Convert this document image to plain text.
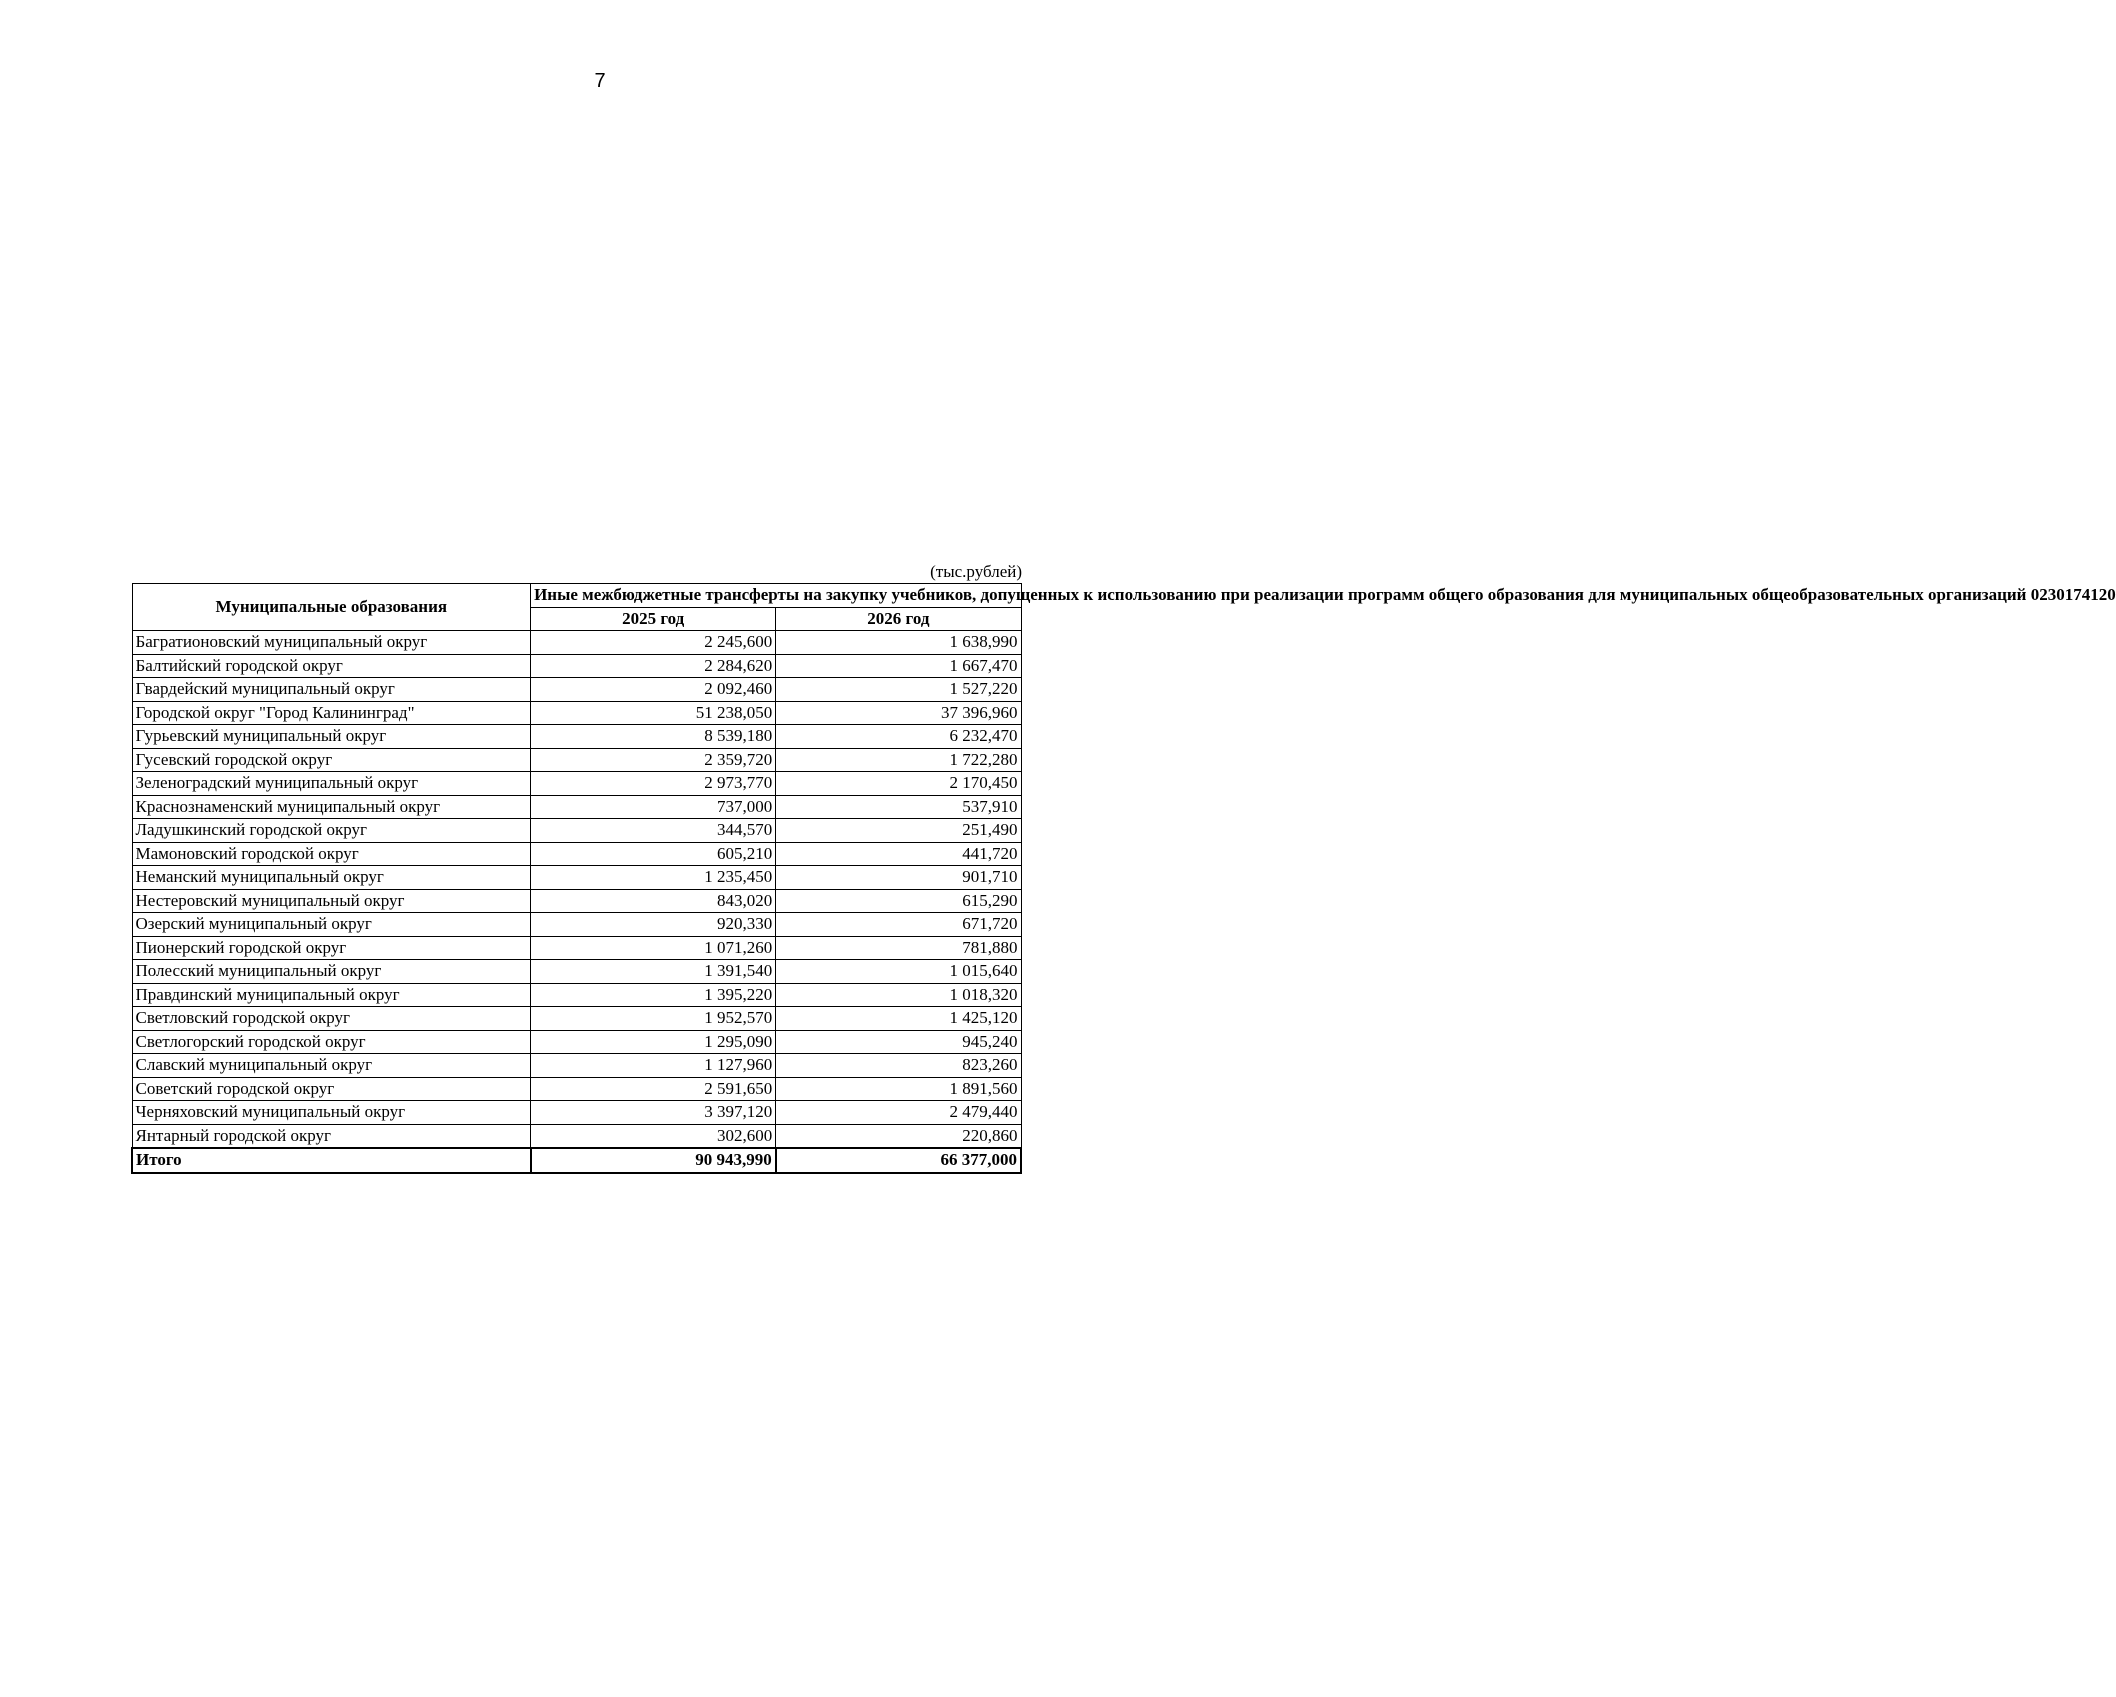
7
(тыс.рублей)
Муниципальные образования	Иные межбюджетные трансферты на закупку учебников, допущенных к использованию при реализации программ общего образования для муниципальных общеобразовательных организаций 0230174120	
	2025 год	2026 год
Багратионовский муниципальный округ	2 245,600	1 638,990
Балтийский городской округ	2 284,620	1 667,470
Гвардейский муниципальный округ	2 092,460	1 527,220
Городской округ "Город Калининград"	51 238,050	37 396,960
Гурьевский муниципальный округ	8 539,180	6 232,470
Гусевский городской округ	2 359,720	1 722,280
Зеленоградский муниципальный округ	2 973,770	2 170,450
Краснознаменский муниципальный округ	737,000	537,910
Ладушкинский городской округ	344,570	251,490
Мамоновский городской округ	605,210	441,720
Неманский муниципальный округ	1 235,450	901,710
Нестеровский муниципальный округ	843,020	615,290
Озерский муниципальный округ	920,330	671,720
Пионерский городской округ	1 071,260	781,880
Полесский муниципальный округ	1 391,540	1 015,640
Правдинский муниципальный округ	1 395,220	1 018,320
Светловский городской округ	1 952,570	1 425,120
Светлогорский городской округ	1 295,090	945,240
Славский муниципальный округ	1 127,960	823,260
Советский городской округ	2 591,650	1 891,560
Черняховский муниципальный округ	3 397,120	2 479,440
Янтарный городской округ	302,600	220,860
Итого	90 943,990	66 377,000
